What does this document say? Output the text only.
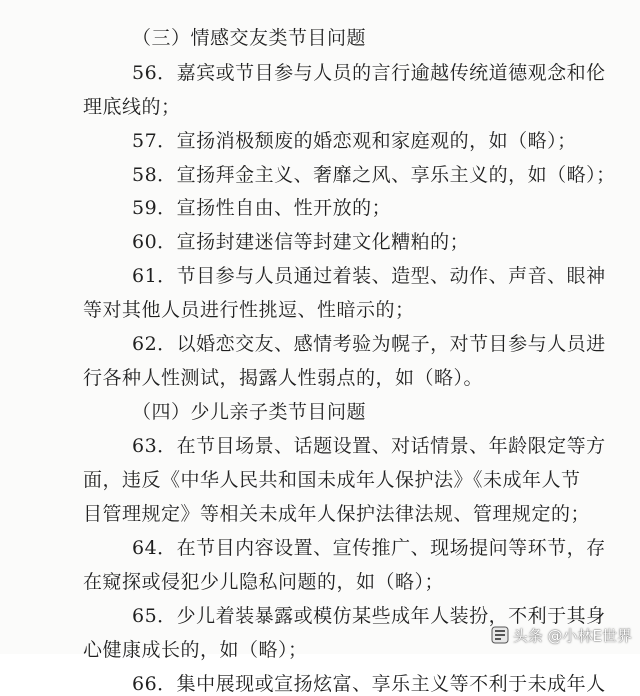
（三）情感交友类节目问题
56．嘉宾或节目参与人员的言行逾越传统道德观念和伦
理底线的；
57．宣扬消极颓废的婚恋观和家庭观的，如（略）；
58．宣扬拜金主义、奢靡之风、享乐主义的，如（略）；
59．宣扬性自由、性开放的；
60．宣扬封建迷信等封建文化糟粕的；
61．节目参与人员通过着装、造型、动作、声音、眼神
等对其他人员进行性挑逗、性暗示的；
62．以婚恋交友、感情考验为幌子，对节目参与人员进
行各种人性测试，揭露人性弱点的，如（略）。
（四）少儿亲子类节目问题
63．在节目场景、话题设置、对话情景、年龄限定等方
面，违反《中华人民共和国未成年人保护法》《未成年人节
目管理规定》等相关未成年人保护法律法规、管理规定的；
64．在节目内容设置、宣传推广、现场提问等环节，存
在窥探或侵犯少儿隐私问题的，如（略）；
65．少儿着装暴露或模仿某些成年人装扮，不利于其身
心健康成长的，如（略）；
66．集中展现或宣扬炫富、享乐主义等不利于未成年人
头条 @小林E世界
